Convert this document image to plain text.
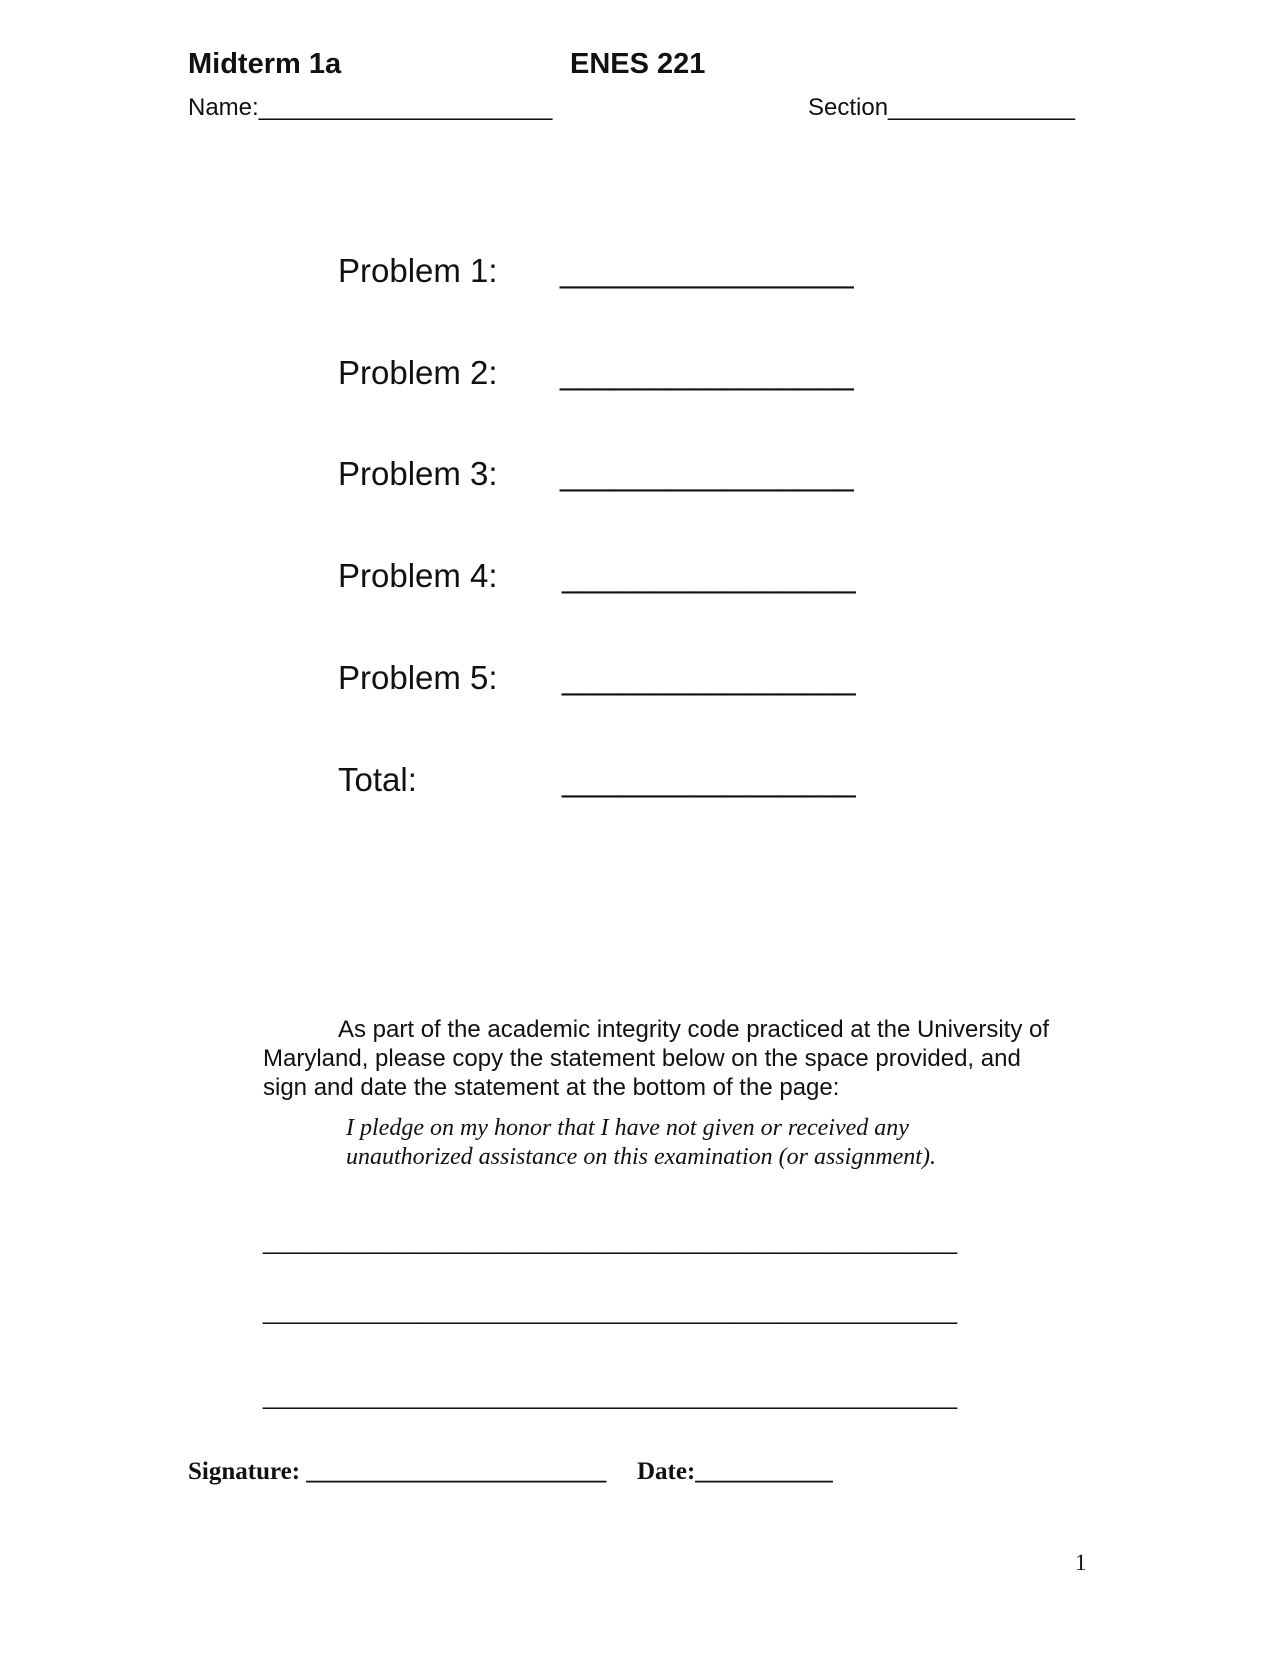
Midterm 1a	ENES 221
Name:______________________	Section______________
Problem 1: ________________
Problem 2: ________________
Problem 3: ________________
Problem 4: ________________
Problem 5: ________________
Total:	________________
As part of the academic integrity code practiced at the University of
Maryland, please copy the statement below on the space provided, and
sign and date the statement at the bottom of the page:
I pledge on my honor that I have not given or received any
unauthorized assistance on this examination (or assignment).
____________________________________________________
____________________________________________________
____________________________________________________
Signature: ________________________ Date:___________
1
